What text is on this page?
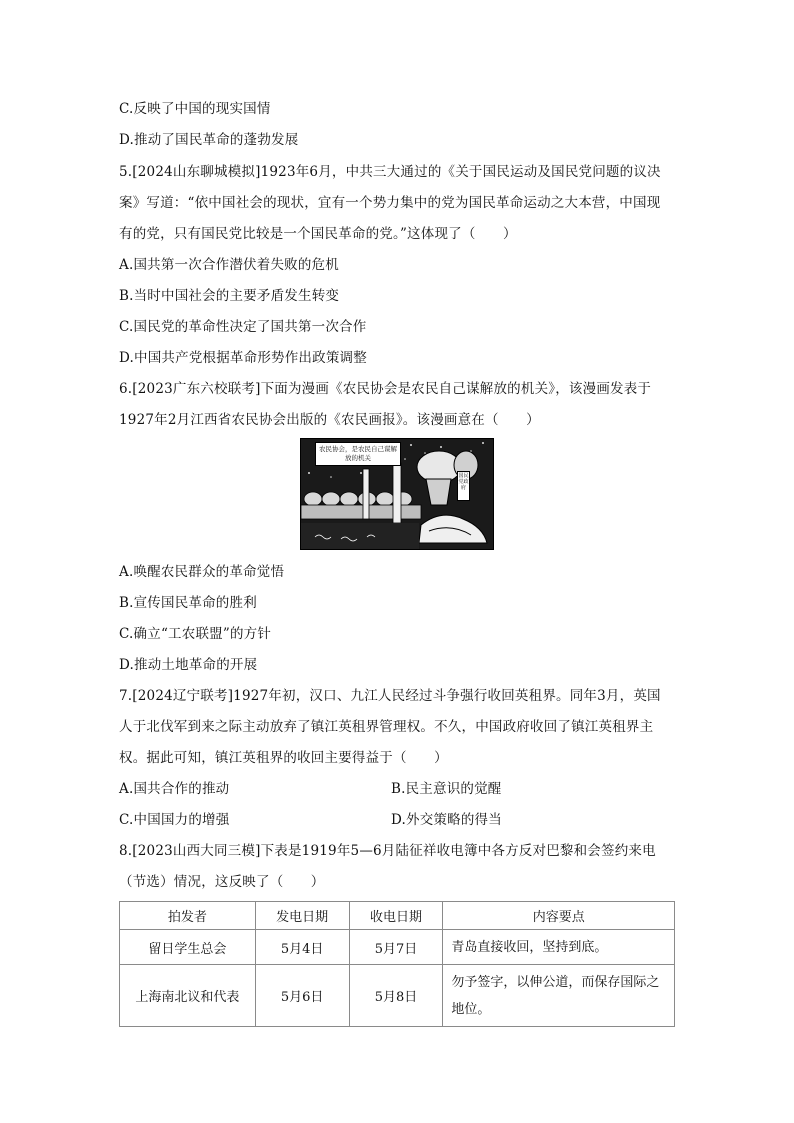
C.反映了中国的现实国情
D.推动了国民革命的蓬勃发展
5.[2024山东聊城模拟]1923年6月，中共三大通过的《关于国民运动及国民党问题的议决
案》写道：“依中国社会的现状，宜有一个势力集中的党为国民革命运动之大本营，中国现
有的党，只有国民党比较是一个国民革命的党。”这体现了（　　）
A.国共第一次合作潜伏着失败的危机
B.当时中国社会的主要矛盾发生转变
C.国民党的革命性决定了国共第一次合作
D.中国共产党根据革命形势作出政策调整
6.[2023广东六校联考]下面为漫画《农民协会是农民自己谋解放的机关》，该漫画发表于
1927年2月江西省农民协会出版的《农民画报》。该漫画意在（　　）
农民协会，是农民自己谋解放的机关
国民党政府
A.唤醒农民群众的革命觉悟
B.宣传国民革命的胜利
C.确立“工农联盟”的方针
D.推动土地革命的开展
7.[2024辽宁联考]1927年初，汉口、九江人民经过斗争强行收回英租界。同年3月，英国
人于北伐军到来之际主动放弃了镇江英租界管理权。不久，中国政府收回了镇江英租界主
权。据此可知，镇江英租界的收回主要得益于（　　）
A.国共合作的推动	B.民主意识的觉醒
C.中国国力的增强	D.外交策略的得当
8.[2023山西大同三模]下表是1919年5—6月陆征祥收电簿中各方反对巴黎和会签约来电
（节选）情况，这反映了（　　）
拍发者	发电日期	收电日期	内容要点
留日学生总会	5月4日	5月7日	青岛直接收回，坚持到底。
上海南北议和代表	5月6日	5月8日	勿予签字，以伸公道，而保存国际之地位。
